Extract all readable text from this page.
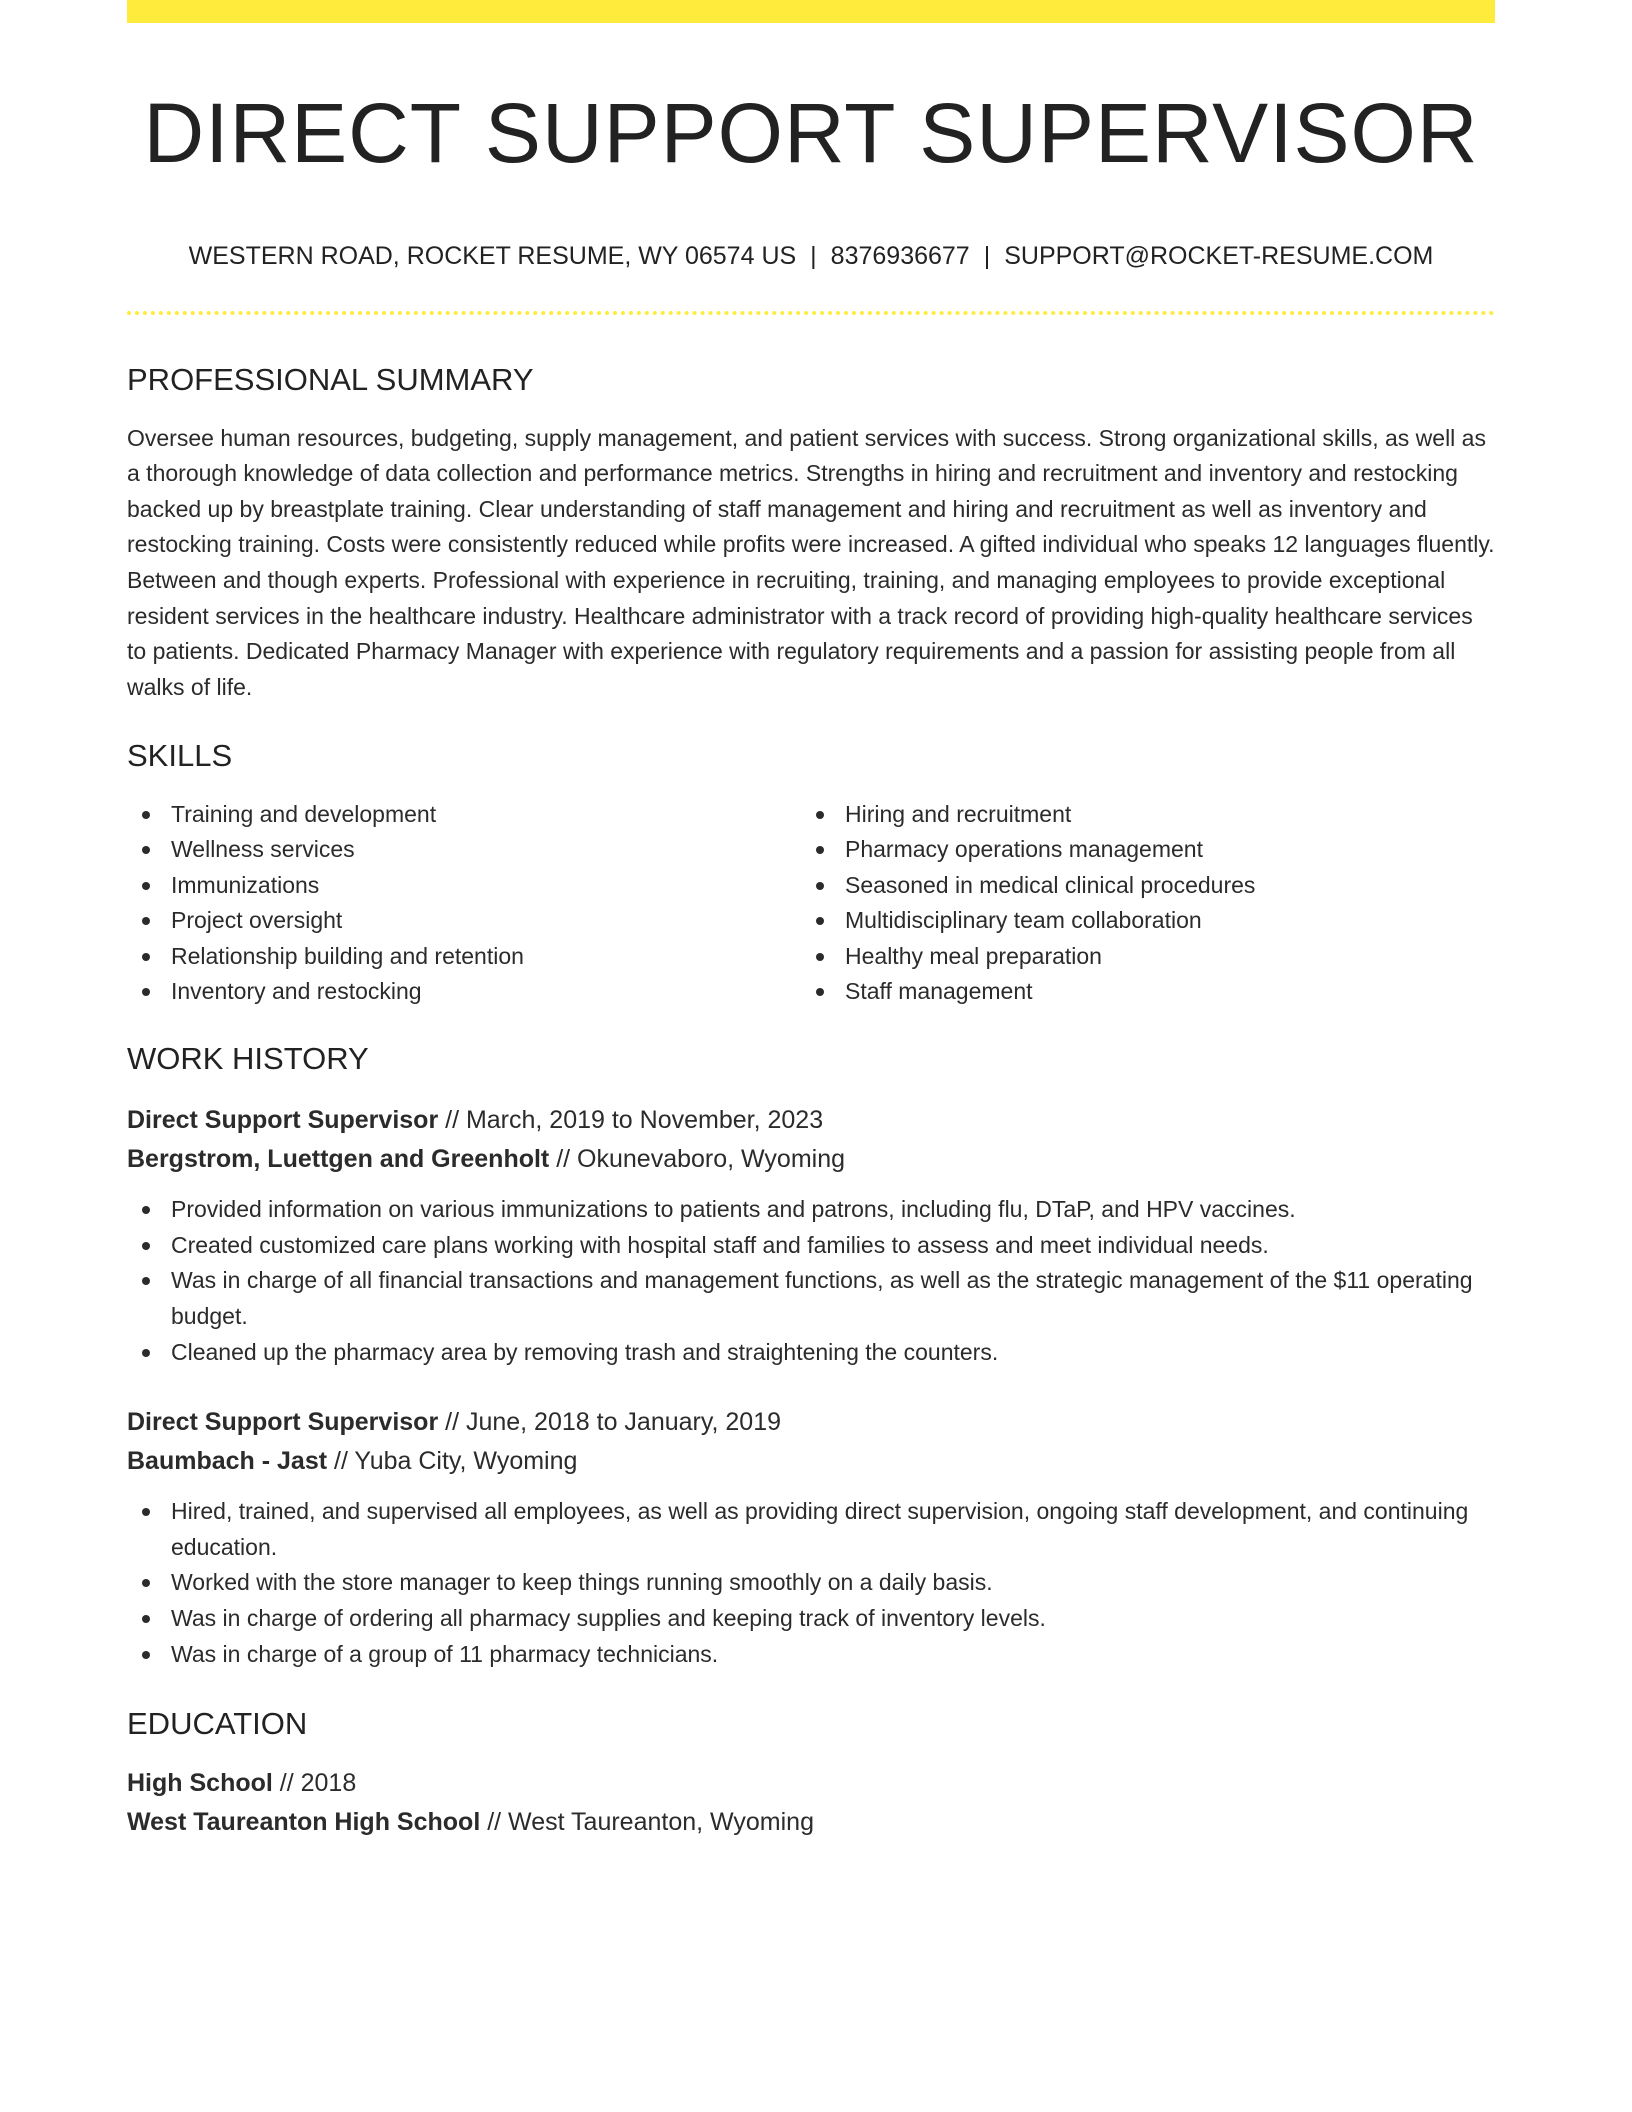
DIRECT SUPPORT SUPERVISOR
WESTERN ROAD, ROCKET RESUME, WY 06574 US | 8376936677 | SUPPORT@ROCKET-RESUME.COM
PROFESSIONAL SUMMARY

Oversee human resources, budgeting, supply management, and patient services with success. Strong organizational skills, as well as a thorough knowledge of data collection and performance metrics. Strengths in hiring and recruitment and inventory and restocking backed up by breastplate training. Clear understanding of staff management and hiring and recruitment as well as inventory and restocking training. Costs were consistently reduced while profits were increased. A gifted individual who speaks 12 languages fluently. Between and though experts. Professional with experience in recruiting, training, and managing employees to provide exceptional resident services in the healthcare industry. Healthcare administrator with a track record of providing high-quality healthcare services to patients. Dedicated Pharmacy Manager with experience with regulatory requirements and a passion for assisting people from all walks of life.

SKILLS
Training and development
Wellness services
Immunizations
Project oversight
Relationship building and retention
Inventory and restocking
Hiring and recruitment
Pharmacy operations management
Seasoned in medical clinical procedures
Multidisciplinary team collaboration
Healthy meal preparation
Staff management
WORK HISTORY
Direct Support Supervisor // March, 2019 to November, 2023
Bergstrom, Luettgen and Greenholt // Okunevaboro, Wyoming
Provided information on various immunizations to patients and patrons, including flu, DTaP, and HPV vaccines.
Created customized care plans working with hospital staff and families to assess and meet individual needs.
Was in charge of all financial transactions and management functions, as well as the strategic management of the $11 operating budget.
Cleaned up the pharmacy area by removing trash and straightening the counters.
Direct Support Supervisor // June, 2018 to January, 2019
Baumbach - Jast // Yuba City, Wyoming
Hired, trained, and supervised all employees, as well as providing direct supervision, ongoing staff development, and continuing education.
Worked with the store manager to keep things running smoothly on a daily basis.
Was in charge of ordering all pharmacy supplies and keeping track of inventory levels.
Was in charge of a group of 11 pharmacy technicians.
EDUCATION
High School // 2018
West Taureanton High School // West Taureanton, Wyoming
